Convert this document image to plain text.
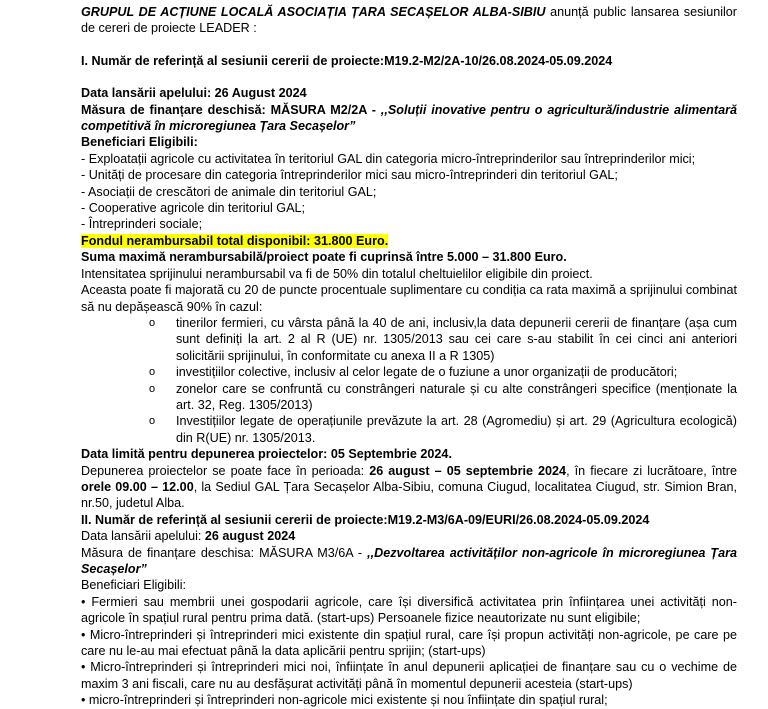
GRUPUL DE ACȚIUNE LOCALĂ ASOCIAȚIA ȚARA SECAȘELOR ALBA-SIBIU anunță public lansarea sesiunilor de cereri de proiecte LEADER :

I. Număr de referință al sesiunii cererii de proiecte:M19.2-M2/2A-10/26.08.2024-05.09.2024

Data lansării apelului: 26 August 2024

Măsura de finanțare deschisă: MĂSURA M2/2A - ,,Soluții inovative pentru o agricultură/industrie alimentară competitivă în microregiunea Țara Secașelor”

Beneficiari Eligibili:

- Exploatații agricole cu activitatea în teritoriul GAL din categoria micro-întreprinderilor sau întreprinderilor mici;

- Unități de procesare din categoria întreprinderilor mici sau micro-întreprinderi din teritoriul GAL;

- Asociații de crescători de animale din teritoriul GAL;

- Cooperative agricole din teritoriul GAL;

- Întreprinderi sociale;

Fondul nerambursabil total disponibil: 31.800 Euro.

Suma maximă nerambursabilă/proiect poate fi cuprinsă între 5.000 – 31.800 Euro.

Intensitatea sprijinului nerambursabil va fi de 50% din totalul cheltuielilor eligibile din proiect.

Aceasta poate fi majorată cu 20 de puncte procentuale suplimentare cu condiția ca rata maximă a sprijinului combinat să nu depășească 90% în cazul:

o tinerilor fermieri, cu vârsta până la 40 de ani, inclusiv,la data depunerii cererii de finanțare (așa cum sunt definiți la art. 2 al R (UE) nr. 1305/2013 sau cei care s-au stabilit în cei cinci ani anteriori solicitării sprijinului, în conformitate cu anexa II a R 1305)
o investițiilor colective, inclusiv al celor legate de o fuziune a unor organizații de producători;
o zonelor care se confruntă cu constrângeri naturale și cu alte constrângeri specifice (menționate la art. 32, Reg. 1305/2013)
o Investițiilor legate de operațiunile prevăzute la art. 28 (Agromediu) și art. 29 (Agricultura ecologică) din R(UE) nr. 1305/2013.

Data limită pentru depunerea proiectelor: 05 Septembrie 2024.

Depunerea proiectelor se poate face în perioada: 26 august – 05 septembrie 2024, în fiecare zi lucrătoare, între orele 09.00 – 12.00, la Sediul GAL Țara Secașelor Alba-Sibiu, comuna Ciugud, localitatea Ciugud, str. Simion Bran, nr.50, judetul Alba.

II. Număr de referință al sesiunii cererii de proiecte:M19.2-M3/6A-09/EURI/26.08.2024-05.09.2024

Data lansării apelului: 26 august 2024

Măsura de finanțare deschisa: MĂSURA M3/6A - ,,Dezvoltarea activităților non-agricole în microregiunea Țara Secașelor”

Beneficiari Eligibili:

• Fermieri sau membrii unei gospodarii agricole, care își diversifică activitatea prin înființarea unei activități non-agricole în spațiul rural pentru prima dată. (start-ups) Persoanele fizice neautorizate nu sunt eligibile;
• Micro-întreprinderi și întreprinderi mici existente din spațiul rural, care își propun activități non-agricole, pe care pe care nu le-au mai efectuat până la data aplicării pentru sprijin; (start-ups)
• Micro-întreprinderi și întreprinderi mici noi, înființate în anul depunerii aplicației de finanțare sau cu o vechime de maxim 3 ani fiscali, care nu au desfășurat activități până în momentul depunerii acesteia (start-ups)
• micro-întreprinderi și întreprinderi non-agricole mici existente și nou înființate din spațiul rural;
